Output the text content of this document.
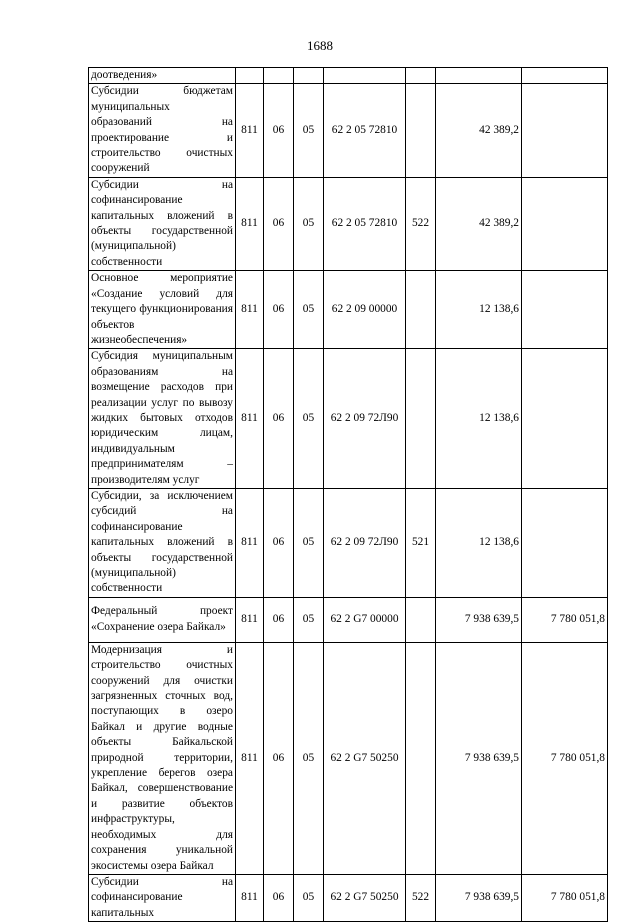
1688
доотведения»							
Субсидии бюджетам муниципальных образований на проектирование и строительство очистных сооружений	811	06	05	62 2 05 72810		42 389,2	
Субсидии на софинансирование капитальных вложений в объекты государственной (муниципальной) собственности	811	06	05	62 2 05 72810	522	42 389,2	
Основное мероприятие «Создание условий для текущего функционирования объектов жизнеобеспечения»	811	06	05	62 2 09 00000		12 138,6	
Субсидия муниципальным образованиям на возмещение расходов при реализации услуг по вывозу жидких бытовых отходов юридическим лицам, индивидуальным предпринимателям – производителям услуг	811	06	05	62 2 09 72Л90		12 138,6	
Субсидии, за исключением субсидий на софинансирование капитальных вложений в объекты государственной (муниципальной) собственности	811	06	05	62 2 09 72Л90	521	12 138,6	
Федеральный проект «Сохранение озера Байкал»	811	06	05	62 2 G7 00000		7 938 639,5	7 780 051,8
Модернизация и строительство очистных сооружений для очистки загрязненных сточных вод, поступающих в озеро Байкал и другие водные объекты Байкальской природной территории, укрепление берегов озера Байкал, совершенствование и развитие объектов инфраструктуры, необходимых для сохранения уникальной экосистемы озера Байкал	811	06	05	62 2 G7 50250		7 938 639,5	7 780 051,8
Субсидии на софинансирование капитальных	811	06	05	62 2 G7 50250	522	7 938 639,5	7 780 051,8
